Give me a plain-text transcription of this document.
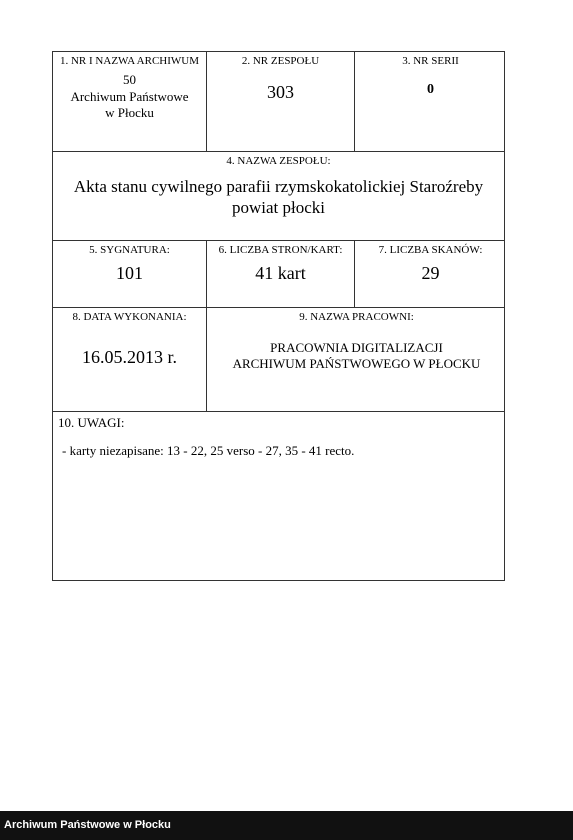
1. NR I NAZWA ARCHIWUM
50
Archiwum Państwowe
w Płocku
2. NR ZESPOŁU
303
3. NR SERII
0
4. NAZWA ZESPOŁU:
Akta stanu cywilnego parafii rzymskokatolickiej Staroźreby
powiat płocki
5. SYGNATURA:
101
6. LICZBA STRON/KART:
41 kart
7. LICZBA SKANÓW:
29
8. DATA WYKONANIA:
16.05.2013 r.
9. NAZWA PRACOWNI:
PRACOWNIA DIGITALIZACJI
ARCHIWUM PAŃSTWOWEGO W PŁOCKU
10. UWAGI:
- karty niezapisane: 13 - 22, 25 verso - 27, 35 - 41 recto.
Archiwum Państwowe w Płocku
